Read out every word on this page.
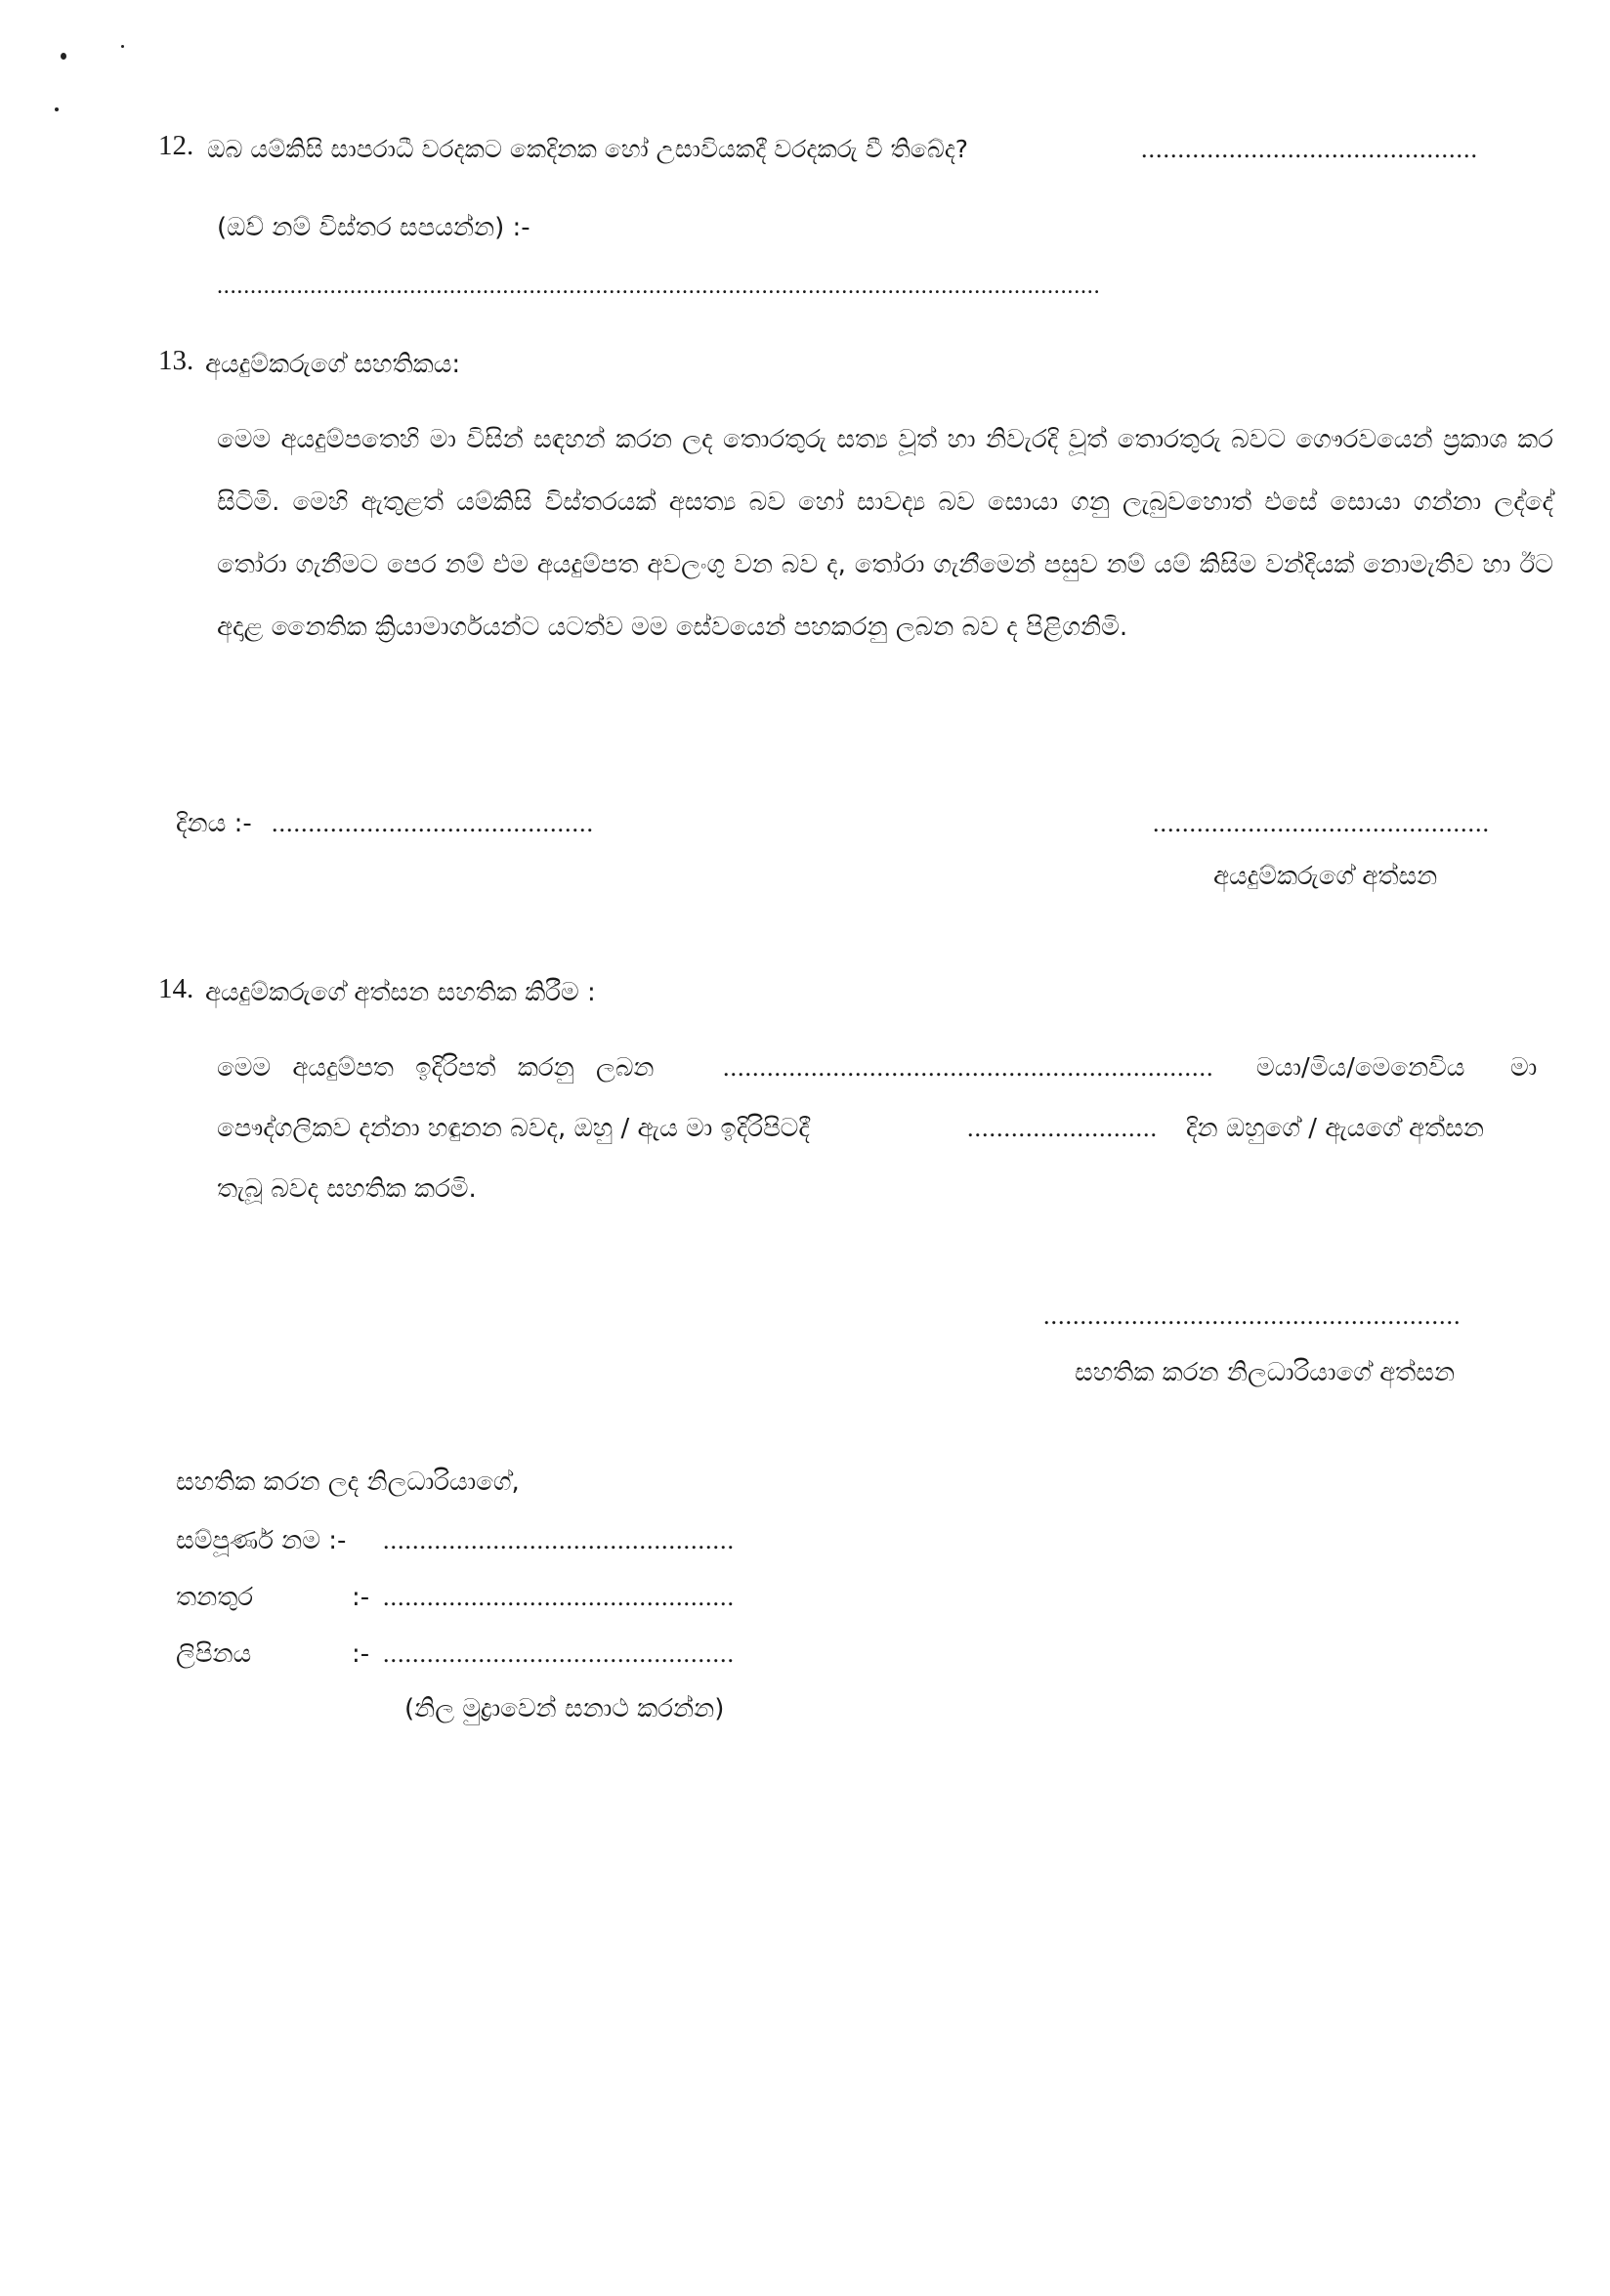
12. ඔබ යම්කිසි සාපරාධී වරදකට කෙදිනක හෝ උසාවියකදී වරදකරු වී තිබේද?	..............................................
(ඔව් නම් විස්තර සපයන්න) :-
.....................................................................................................................................
13. අයදුම්කරුගේ සහතිකය:
මෙම අයදුම්පතෙහි මා විසින් සඳහන් කරන ලද තොරතුරු සත්‍ය වූත් හා නිවැරදි වූත් තොරතුරු බවට ගෞරවයෙන් ප්‍රකාශ කර සිටිමි. මෙහි ඇතුළත් යම්කිසි විස්තරයක් අසත්‍ය බව හෝ සාවද්‍ය බව සොයා ගනු ලැබුවහොත් එසේ සොයා ගන්නා ලද්දේ තෝරා ගැනීමට පෙර නම් එම අයදුම්පත අවලංගු වන බව ද, තෝරා ගැනීමෙන් පසුව නම් යම් කිසිම වන්දියක් නොමැතිව හා ඊට අදාළ නෛතික ක්‍රියාමාර්ගයන්ට යටත්ව මම සේවයෙන් පහකරනු ලබන බව ද පිළිගනිමි.
දිනය :- ............................................	..............................................
අයදුම්කරුගේ අත්සන
14. අයදුම්කරුගේ අත්සන සහතික කිරීම :
මෙම අයදුම්පත ඉදිරිපත් කරනු ලබන	................................................................... මයා/මිය/මෙනෙවිය මා
පෞද්ගලිකව දන්නා හඳුනන බවද, ඔහු / ඇය මා ඉදිරිපිටදී	.......................... දින ඔහුගේ / ඇයගේ අත්සන
තැබූ බවද සහතික කරමි.
.........................................................
සහතික කරන නිලධාරියාගේ අත්සන
සහතික කරන ලද නිලධාරියාගේ,
සම්පූර්ණ නම :- ................................................
තනතුර	:- ................................................
ලිපිනය	:- ................................................
(නිල මුද්‍රාවෙන් සනාථ කරන්න)
